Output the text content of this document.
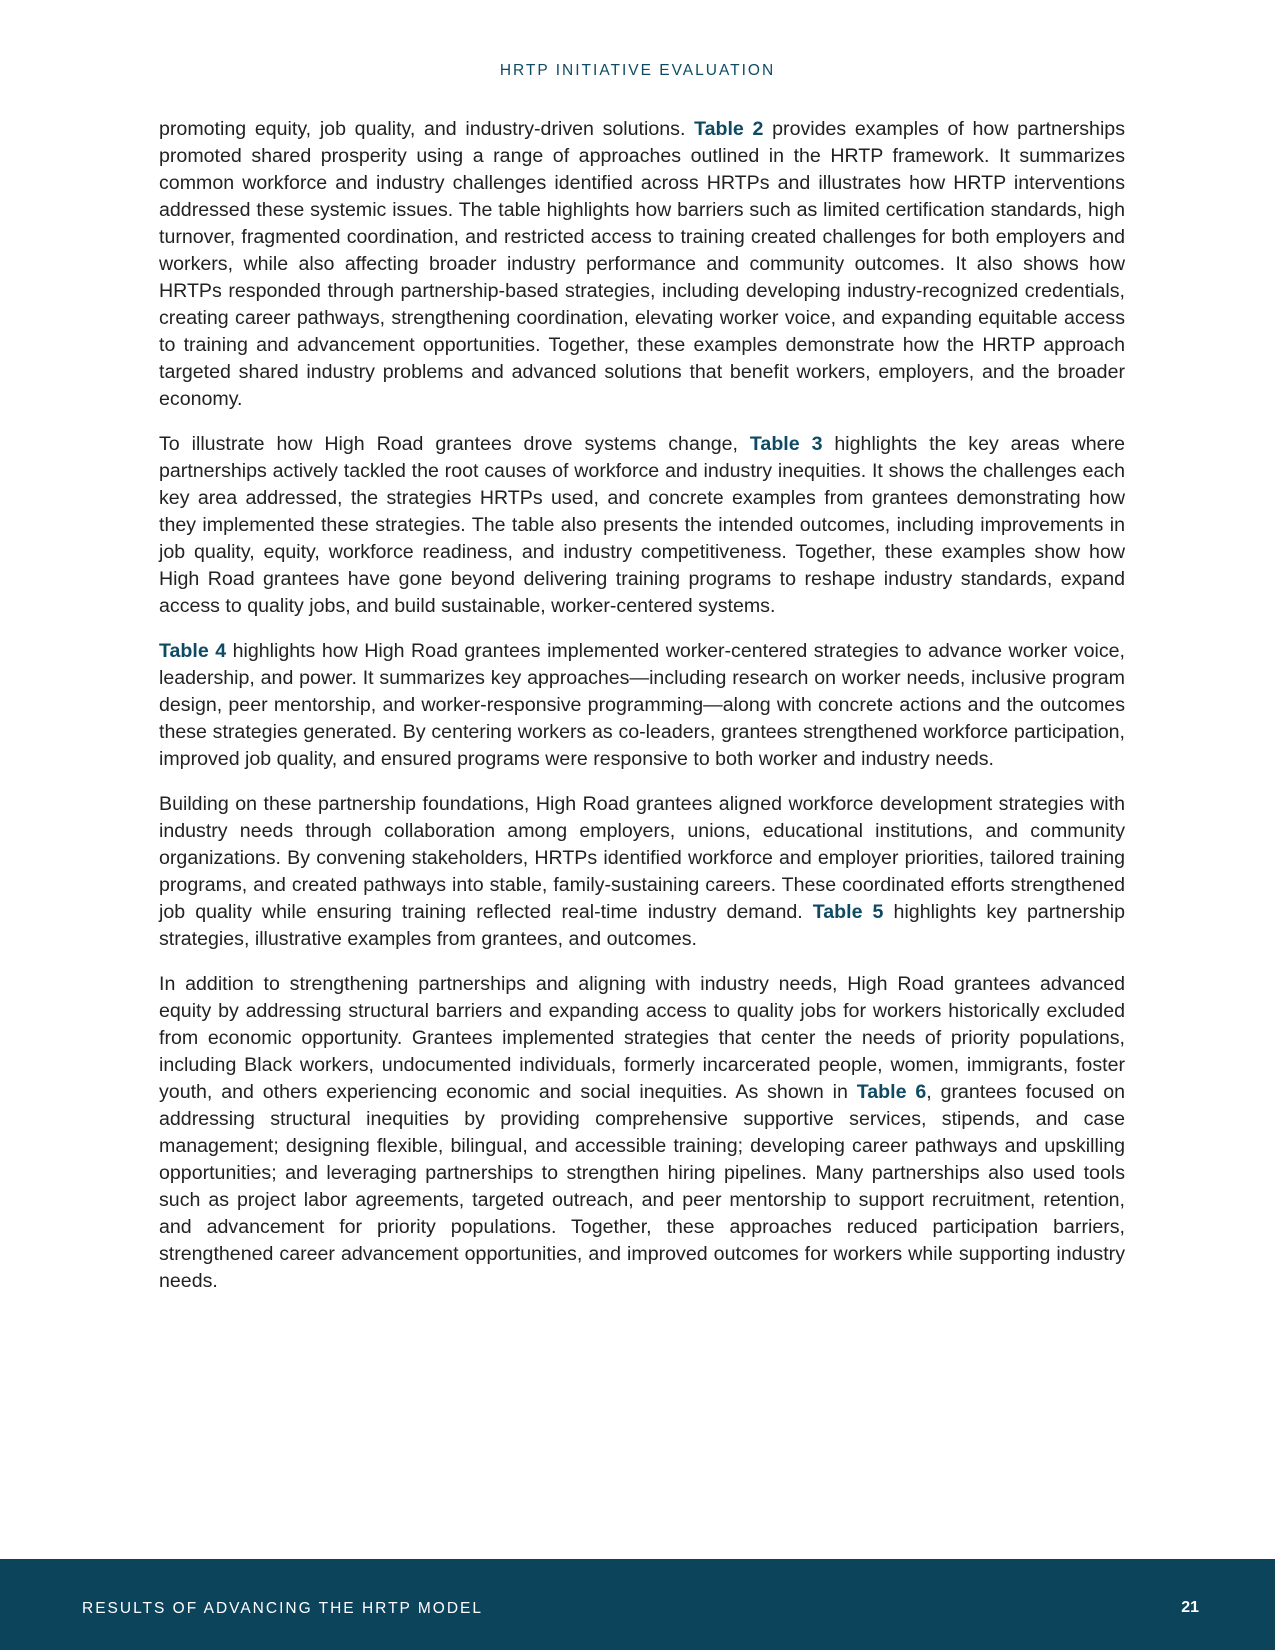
HRTP INITIATIVE EVALUATION

promoting equity, job quality, and industry-driven solutions. Table 2 provides examples of how partnerships promoted shared prosperity using a range of approaches outlined in the HRTP framework. It summarizes common workforce and industry challenges identified across HRTPs and illustrates how HRTP interventions addressed these systemic issues. The table highlights how barriers such as limited certification standards, high turnover, fragmented coordination, and restricted access to training created challenges for both employers and workers, while also affecting broader industry performance and community outcomes. It also shows how HRTPs responded through partnership-based strategies, including developing industry-recognized credentials, creating career pathways, strengthening coordination, elevating worker voice, and expanding equitable access to training and advancement opportunities. Together, these examples demonstrate how the HRTP approach targeted shared industry problems and advanced solutions that benefit workers, employers, and the broader economy.

To illustrate how High Road grantees drove systems change, Table 3 highlights the key areas where partnerships actively tackled the root causes of workforce and industry inequities. It shows the challenges each key area addressed, the strategies HRTPs used, and concrete examples from grantees demonstrating how they implemented these strategies. The table also presents the intended outcomes, including improvements in job quality, equity, workforce readiness, and industry competitiveness. Together, these examples show how High Road grantees have gone beyond delivering training programs to reshape industry standards, expand access to quality jobs, and build sustainable, worker-centered systems.

Table 4 highlights how High Road grantees implemented worker-centered strategies to advance worker voice, leadership, and power. It summarizes key approaches—including research on worker needs, inclusive program design, peer mentorship, and worker-responsive programming—along with concrete actions and the outcomes these strategies generated. By centering workers as co-leaders, grantees strengthened workforce participation, improved job quality, and ensured programs were responsive to both worker and industry needs.

Building on these partnership foundations, High Road grantees aligned workforce development strategies with industry needs through collaboration among employers, unions, educational institutions, and community organizations. By convening stakeholders, HRTPs identified workforce and employer priorities, tailored training programs, and created pathways into stable, family-sustaining careers. These coordinated efforts strengthened job quality while ensuring training reflected real-time industry demand. Table 5 highlights key partnership strategies, illustrative examples from grantees, and outcomes.

In addition to strengthening partnerships and aligning with industry needs, High Road grantees advanced equity by addressing structural barriers and expanding access to quality jobs for workers historically excluded from economic opportunity. Grantees implemented strategies that center the needs of priority populations, including Black workers, undocumented individuals, formerly incarcerated people, women, immigrants, foster youth, and others experiencing economic and social inequities. As shown in Table 6, grantees focused on addressing structural inequities by providing comprehensive supportive services, stipends, and case management; designing flexible, bilingual, and accessible training; developing career pathways and upskilling opportunities; and leveraging partnerships to strengthen hiring pipelines. Many partnerships also used tools such as project labor agreements, targeted outreach, and peer mentorship to support recruitment, retention, and advancement for priority populations. Together, these approaches reduced participation barriers, strengthened career advancement opportunities, and improved outcomes for workers while supporting industry needs.

RESULTS OF ADVANCING THE HRTP MODEL	21
